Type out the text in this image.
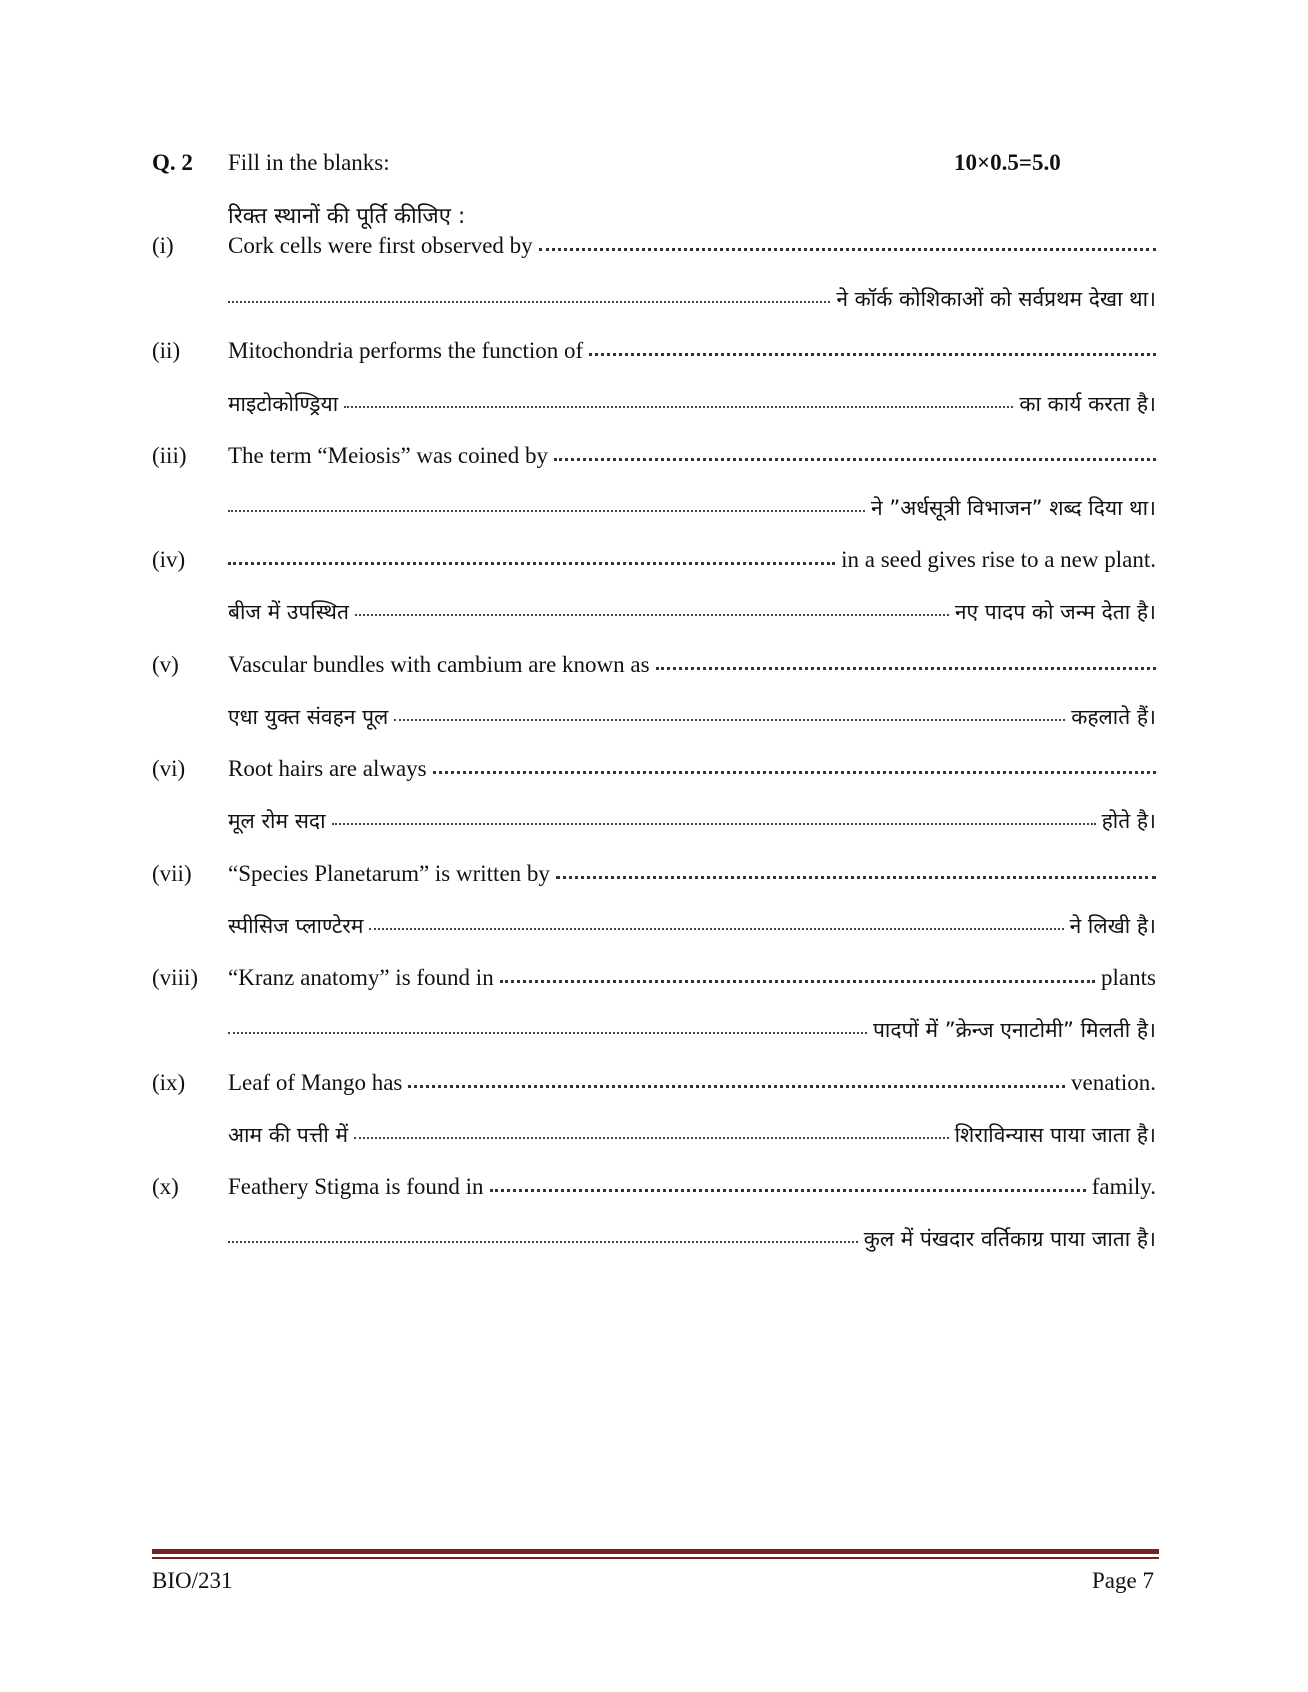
Q. 2 Fill in the blanks:	10×0.5=5.0
रिक्त स्थानों की पूर्ति कीजिए :
(i)	Cork cells were first observed by
ने कॉर्क कोशिकाओं को सर्वप्रथम देखा था।
(ii)	Mitochondria performs the function of
माइटोकोण्ड्रिया	का कार्य करता है।
(iii)	The term “Meiosis” was coined by
ने ”अर्धसूत्री विभाजन” शब्द दिया था।
(iv)	in a seed gives rise to a new plant.
बीज में उपस्थित	नए पादप को जन्म देता है।
(v)	Vascular bundles with cambium are known as
एधा युक्त संवहन पूल	कहलाते हैं।
(vi)	Root hairs are always
मूल रोम सदा	होते है।
(vii)	“Species Planetarum” is written by
स्पीसिज प्लाण्टेरम	ने लिखी है।
(viii)	“Kranz anatomy” is found in	plants
पादपों में ”क्रेन्ज एनाटोमी” मिलती है।
(ix)	Leaf of Mango has	venation.
आम की पत्ती में	शिराविन्यास पाया जाता है।
(x)	Feathery Stigma is found in	family.
कुल में पंखदार वर्तिकाग्र पाया जाता है।
BIO/231	Page 7
